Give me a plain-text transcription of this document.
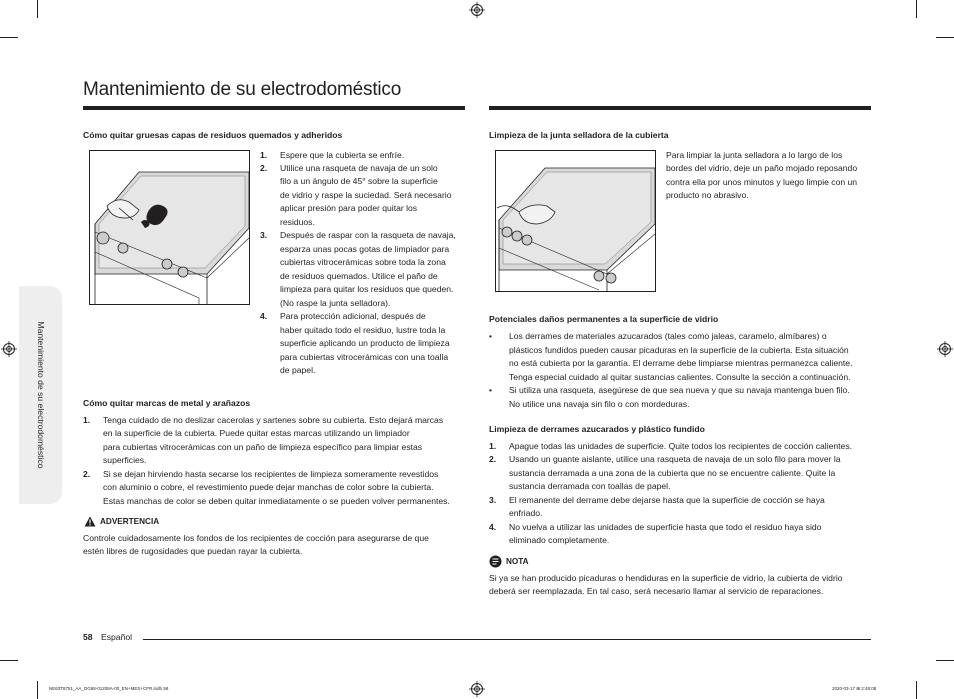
Mantenimiento de su electrodoméstico
Mantenimiento de su electrodoméstico
Cómo quitar gruesas capas de residuos quemados y adheridos
1. Espere que la cubierta se enfríe.
2. Utilice una rasqueta de navaja de un solo
filo a un ángulo de 45° sobre la superficie
de vidrio y raspe la suciedad. Será necesario
aplicar presión para poder quitar los
residuos.
3. Después de raspar con la rasqueta de navaja,
esparza unas pocas gotas de limpiador para
cubiertas vitrocerámicas sobre toda la zona
de residuos quemados. Utilice el paño de
limpieza para quitar los residuos que queden.
(No raspe la junta selladora).
4. Para protección adicional, después de
haber quitado todo el residuo, lustre toda la
superficie aplicando un producto de limpieza
para cubiertas vitrocerámicas con una toalla
de papel.
Cómo quitar marcas de metal y arañazos
1. Tenga cuidado de no deslizar cacerolas y sartenes sobre su cubierta. Esto dejará marcas
en la superficie de la cubierta. Puede quitar estas marcas utilizando un limpiador
para cubiertas vitrocerámicas con un paño de limpieza específico para limpiar estas
superficies.
2. Si se dejan hirviendo hasta secarse los recipientes de limpieza someramente revestidos
con aluminio o cobre, el revestimiento puede dejar manchas de color sobre la cubierta.
Estas manchas de color se deben quitar inmediatamente o se pueden volver permanentes.
ADVERTENCIA
Controle cuidadosamente los fondos de los recipientes de cocción para asegurarse de que
estén libres de rugosidades que puedan rayar la cubierta.
Limpieza de la junta selladora de la cubierta
Para limpiar la junta selladora a lo largo de los
bordes del vidrio, deje un paño mojado reposando
contra ella por unos minutos y luego limpie con un
producto no abrasivo.
Potenciales daños permanentes a la superficie de vidrio
• Los derrames de materiales azucarados (tales como jaleas, caramelo, almíbares) o
plásticos fundidos pueden causar picaduras en la superficie de la cubierta. Esta situación
no está cubierta por la garantía. El derrame debe limpiarse mientras permanezca caliente.
Tenga especial cuidado al quitar sustancias calientes. Consulte la sección a continuación.
• Si utiliza una rasqueta, asegúrese de que sea nueva y que su navaja mantenga buen filo.
No utilice una navaja sin filo o con mordeduras.
Limpieza de derrames azucarados y plástico fundido
1. Apague todas las unidades de superficie. Quite todos los recipientes de cocción calientes.
2. Usando un guante aislante, utilice una rasqueta de navaja de un solo filo para mover la
sustancia derramada a una zona de la cubierta que no se encuentre caliente. Quite la
sustancia derramada con toallas de papel.
3. El remanente del derrame debe dejarse hasta que la superficie de cocción se haya
enfriado.
4. No vuelva a utilizar las unidades de superficie hasta que todo el residuo haya sido
eliminado completamente.
NOTA
Si ya se han producido picaduras o hendiduras en la superficie de vidrio, la cubierta de vidrio
deberá ser reemplazada. En tal caso, será necesario llamar al servicio de reparaciones.
58 Español
NE63T8751_AA_DG68-01208A-00_EN+MES+CFR.indb 58	2020-03-17 ⊞ 2:48:08
